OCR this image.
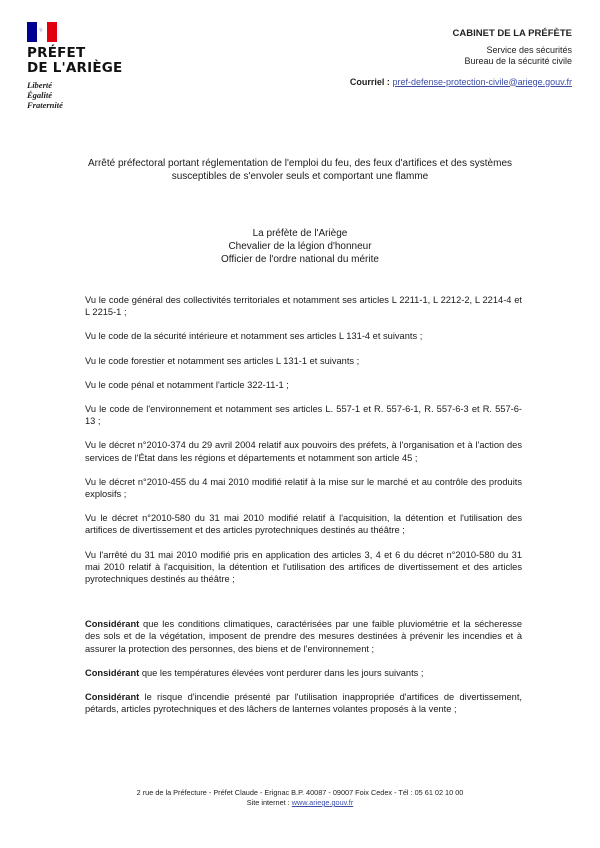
PRÉFET
DE L'ARIÈGE
Liberté
Égalité
Fraternité
CABINET DE LA PRÉFÈTE
Service des sécurités
Bureau de la sécurité civile
Courriel : pref-defense-protection-civile@ariege.gouv.fr
Arrêté préfectoral portant réglementation de l'emploi du feu, des feux d'artifices et des systèmes susceptibles de s'envoler seuls et comportant une flamme
La préfète de l'Ariège
Chevalier de la légion d'honneur
Officier de l'ordre national du mérite

Vu le code général des collectivités territoriales et notamment ses articles L 2211-1, L 2212-2, L 2214-4 et L 2215-1 ;

Vu le code de la sécurité intérieure et notamment ses articles L 131-4 et suivants ;

Vu le code forestier et notamment ses articles L 131-1 et suivants ;

Vu le code pénal et notamment l'article 322-11-1 ;

Vu le code de l'environnement et notamment ses articles L. 557-1 et R. 557-6-1, R. 557-6-3 et R. 557-6-13 ;

Vu le décret n°2010-374 du 29 avril 2004 relatif aux pouvoirs des préfets, à l'organisation et à l'action des services de l'État dans les régions et départements et notamment son article 45 ;

Vu le décret n°2010-455 du 4 mai 2010 modifié relatif à la mise sur le marché et au contrôle des produits explosifs ;

Vu le décret n°2010-580 du 31 mai 2010 modifié relatif à l'acquisition, la détention et l'utilisation des artifices de divertissement et des articles pyrotechniques destinés au théâtre ;

Vu l'arrêté du 31 mai 2010 modifié pris en application des articles 3, 4 et 6 du décret n°2010-580 du 31 mai 2010 relatif à l'acquisition, la détention et l'utilisation des artifices de divertissement et des articles pyrotechniques destinés au théâtre ;

Considérant que les conditions climatiques, caractérisées par une faible pluviométrie et la sécheresse des sols et de la végétation, imposent de prendre des mesures destinées à prévenir les incendies et à assurer la protection des personnes, des biens et de l'environnement ;

Considérant que les températures élevées vont perdurer dans les jours suivants ;

Considérant le risque d'incendie présenté par l'utilisation inappropriée d'artifices de divertissement, pétards, articles pyrotechniques et des lâchers de lanternes volantes proposés à la vente ;

2 rue de la Préfecture - Préfet Claude - Erignac B.P. 40087 - 09007 Foix Cedex - Tél : 05 61 02 10 00
Site internet : www.ariege.gouv.fr
